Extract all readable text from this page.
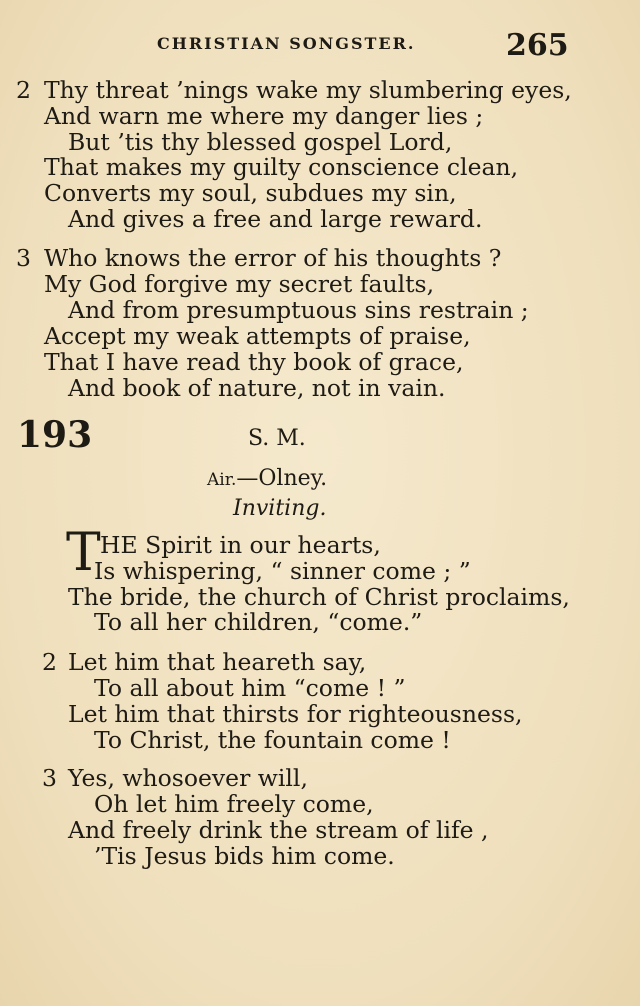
CHRISTIAN SONGSTER.	265
2 Thy threat ’nings wake my slumbering eyes,
And warn me where my danger lies ;
But ’tis thy blessed gospel Lord,
That makes my guilty conscience clean,
Converts my soul, subdues my sin,
And gives a free and large reward.
3 Who knows the error of his thoughts ?
My God forgive my secret faults,
And from presumptuous sins restrain ;
Accept my weak attempts of praise,
That I have read thy book of grace,
And book of nature, not in vain.
193	S. M.
Air.—Olney.
Inviting.
T HE Spirit in our hearts,
Is whispering, “ sinner come ; ”
The bride, the church of Christ proclaims,
To all her children, “come.”
2 Let him that heareth say,
To all about him “come ! ”
Let him that thirsts for righteousness,
To Christ, the fountain come !
3 Yes, whosoever will,
Oh let him freely come,
And freely drink the stream of life ,
’Tis Jesus bids him come.
